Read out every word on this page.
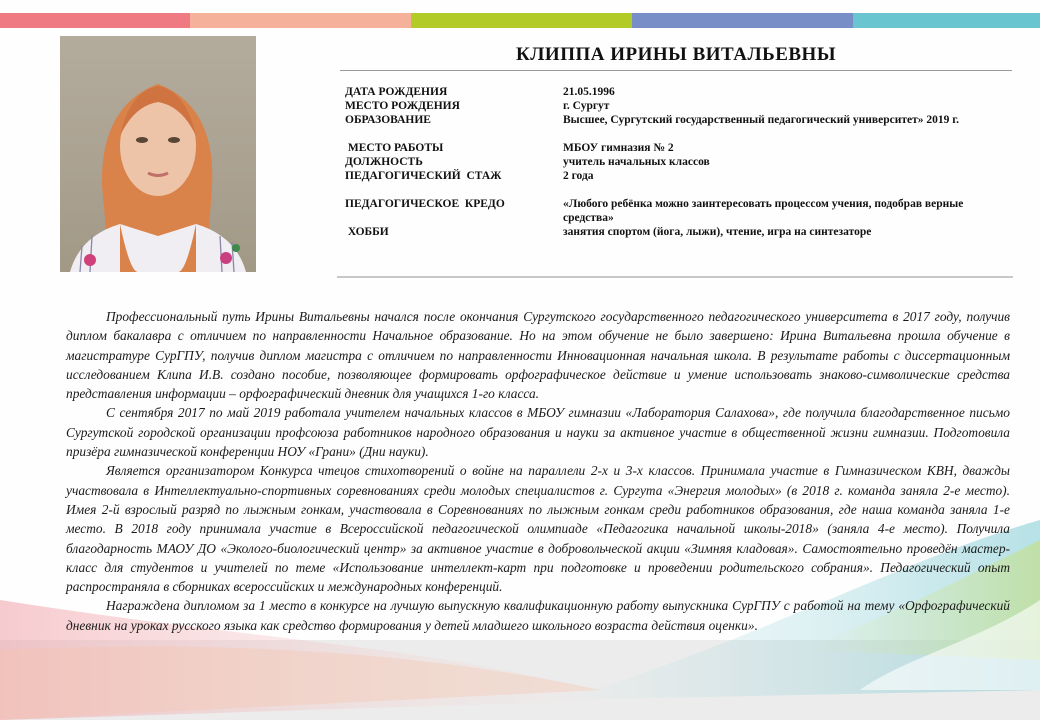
КЛИППА ИРИНЫ ВИТАЛЬЕВНЫ
ДАТА РОЖДЕНИЯ	21.05.1996
МЕСТО РОЖДЕНИЯ	г. Сургут
ОБРАЗОВАНИЕ	Высшее, Сургутский государственный педагогический университет» 2019 г.
МЕСТО РАБОТЫ	МБОУ гимназия № 2
ДОЛЖНОСТЬ	учитель начальных классов
ПЕДАГОГИЧЕСКИЙ  СТАЖ	2 года
ПЕДАГОГИЧЕСКОЕ  КРЕДО	«Любого ребёнка можно заинтересовать процессом учения, подобрав верные средства»
ХОББИ	занятия спортом (йога, лыжи), чтение, игра на синтезаторе

Профессиональный путь Ирины Витальевны начался после окончания Сургутского государственного педагогического университета в 2017 году, получив диплом бакалавра с отличием по направленности Начальное образование. Но на этом обучение не было завершено: Ирина Витальевна прошла обучение в магистратуре СурГПУ, получив диплом магистра с отличием по направленности Инновационная начальная школа. В результате работы с диссертационным исследованием Клипа И.В. создано пособие, позволяющее формировать орфографическое действие и умение использовать знаково-символические средства представления информации – орфографический дневник для учащихся 1-го класса.

С сентября 2017 по май 2019 работала учителем начальных классов в МБОУ гимназии «Лаборатория Салахова», где получила благодарственное письмо Сургутской городской организации профсоюза работников народного образования и науки за активное участие в общественной жизни гимназии. Подготовила призёра гимназической конференции НОУ «Грани» (Дни науки).

Является организатором Конкурса чтецов стихотворений о войне на параллели 2-х и 3-х классов. Принимала участие в Гимназическом КВН, дважды участвовала в Интеллектуально-спортивных соревнованиях среди молодых специалистов г. Сургута «Энергия молодых» (в 2018 г. команда заняла 2-е место). Имея 2-й взрослый разряд по лыжным гонкам, участвовала в Соревнованиях по лыжным гонкам среди работников образования, где наша команда заняла 1-е место. В 2018 году принимала участие в Всероссийской педагогической олимпиаде «Педагогика начальной школы-2018» (заняла 4-е место). Получила благодарность МАОУ ДО «Эколого-биологический центр» за активное участие в добровольческой акции «Зимняя кладовая». Самостоятельно проведён мастер-класс для студентов и учителей по теме «Использование интеллект-карт при подготовке и проведении родительского собрания». Педагогический опыт распространяла в сборниках всероссийских и международных конференций.

Награждена дипломом за 1 место в конкурсе на лучшую выпускную квалификационную работу выпускника СурГПУ с работой на тему «Орфографический дневник на уроках русского языка как средство формирования у детей младшего школьного возраста действия оценки».
